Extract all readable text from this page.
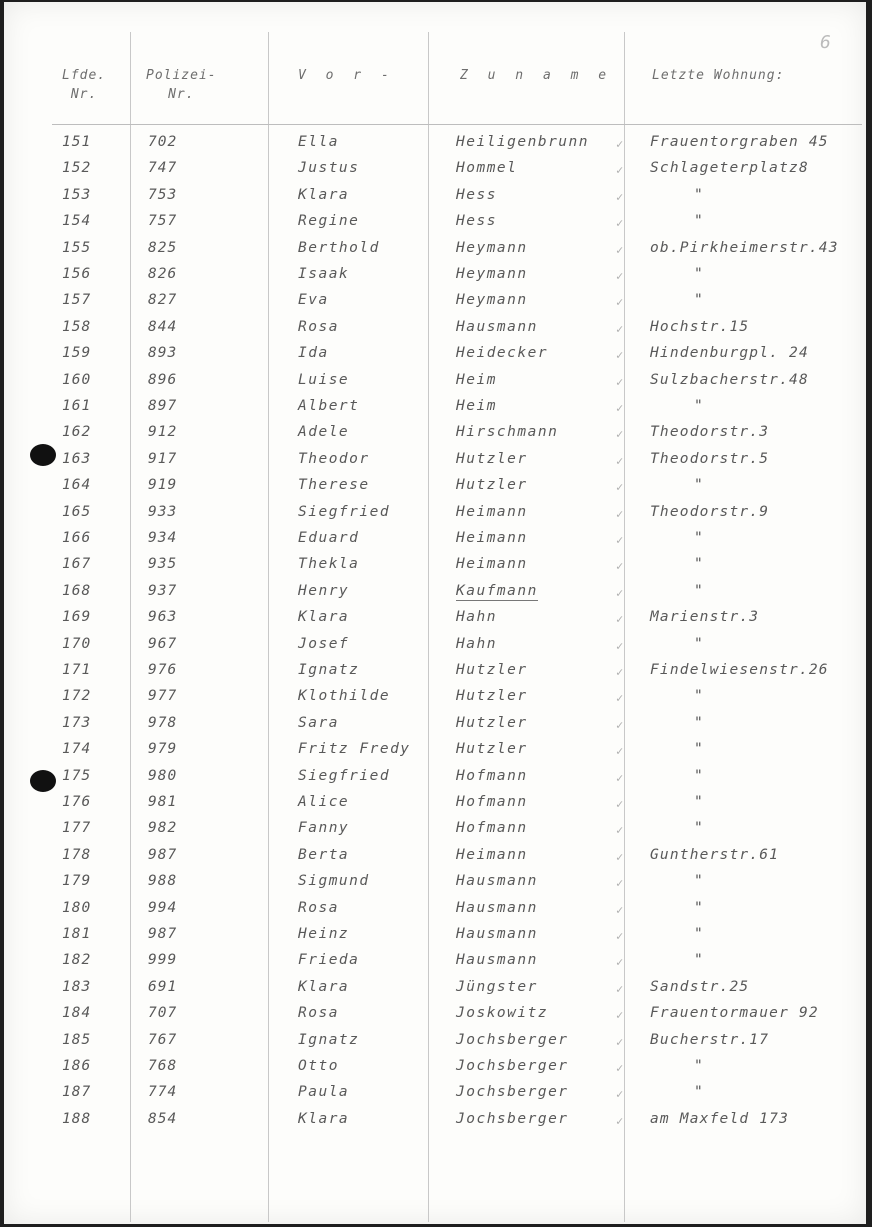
6
Lfde.
Nr.
Polizei-
Nr.
V o r -	Z u n a m e	Letzte Wohnung:
151	702	Ella	Heiligenbrunn	Frauentorgraben 45
✓
152	747	Justus	Hommel	Schlageterplatz8
✓
153	753	Klara	Hess	"
✓
154	757	Regine	Hess	"
✓
155	825	Berthold	Heymann	ob.Pirkheimerstr.43
✓
156	826	Isaak	Heymann	"
✓
157	827	Eva	Heymann	"
✓
158	844	Rosa	Hausmann	Hochstr.15
✓
159	893	Ida	Heidecker	Hindenburgpl. 24
✓
160	896	Luise	Heim	Sulzbacherstr.48
✓
161	897	Albert	Heim	"
✓
162	912	Adele	Hirschmann	Theodorstr.3
✓
163	917	Theodor	Hutzler	Theodorstr.5
✓
164	919	Therese	Hutzler	"
✓
165	933	Siegfried	Heimann	Theodorstr.9
✓
166	934	Eduard	Heimann	"
✓
167	935	Thekla	Heimann	"
✓
168	937	Henry	Kaufmann	"
✓
169	963	Klara	Hahn	Marienstr.3
✓
170	967	Josef	Hahn	"
✓
171	976	Ignatz	Hutzler	Findelwiesenstr.26
✓
172	977	Klothilde	Hutzler	"
✓
173	978	Sara	Hutzler	"
✓
174	979	Fritz Fredy	Hutzler	"
✓
175	980	Siegfried	Hofmann	"
✓
176	981	Alice	Hofmann	"
✓
177	982	Fanny	Hofmann	"
✓
178	987	Berta	Heimann	Guntherstr.61
✓
179	988	Sigmund	Hausmann	"
✓
180	994	Rosa	Hausmann	"
✓
181	987	Heinz	Hausmann	"
✓
182	999	Frieda	Hausmann	"
✓
183	691	Klara	Jüngster	Sandstr.25
✓
184	707	Rosa	Joskowitz	Frauentormauer 92
✓
185	767	Ignatz	Jochsberger	Bucherstr.17
✓
186	768	Otto	Jochsberger	"
✓
187	774	Paula	Jochsberger	"
✓
188	854	Klara	Jochsberger	am Maxfeld 173
✓
